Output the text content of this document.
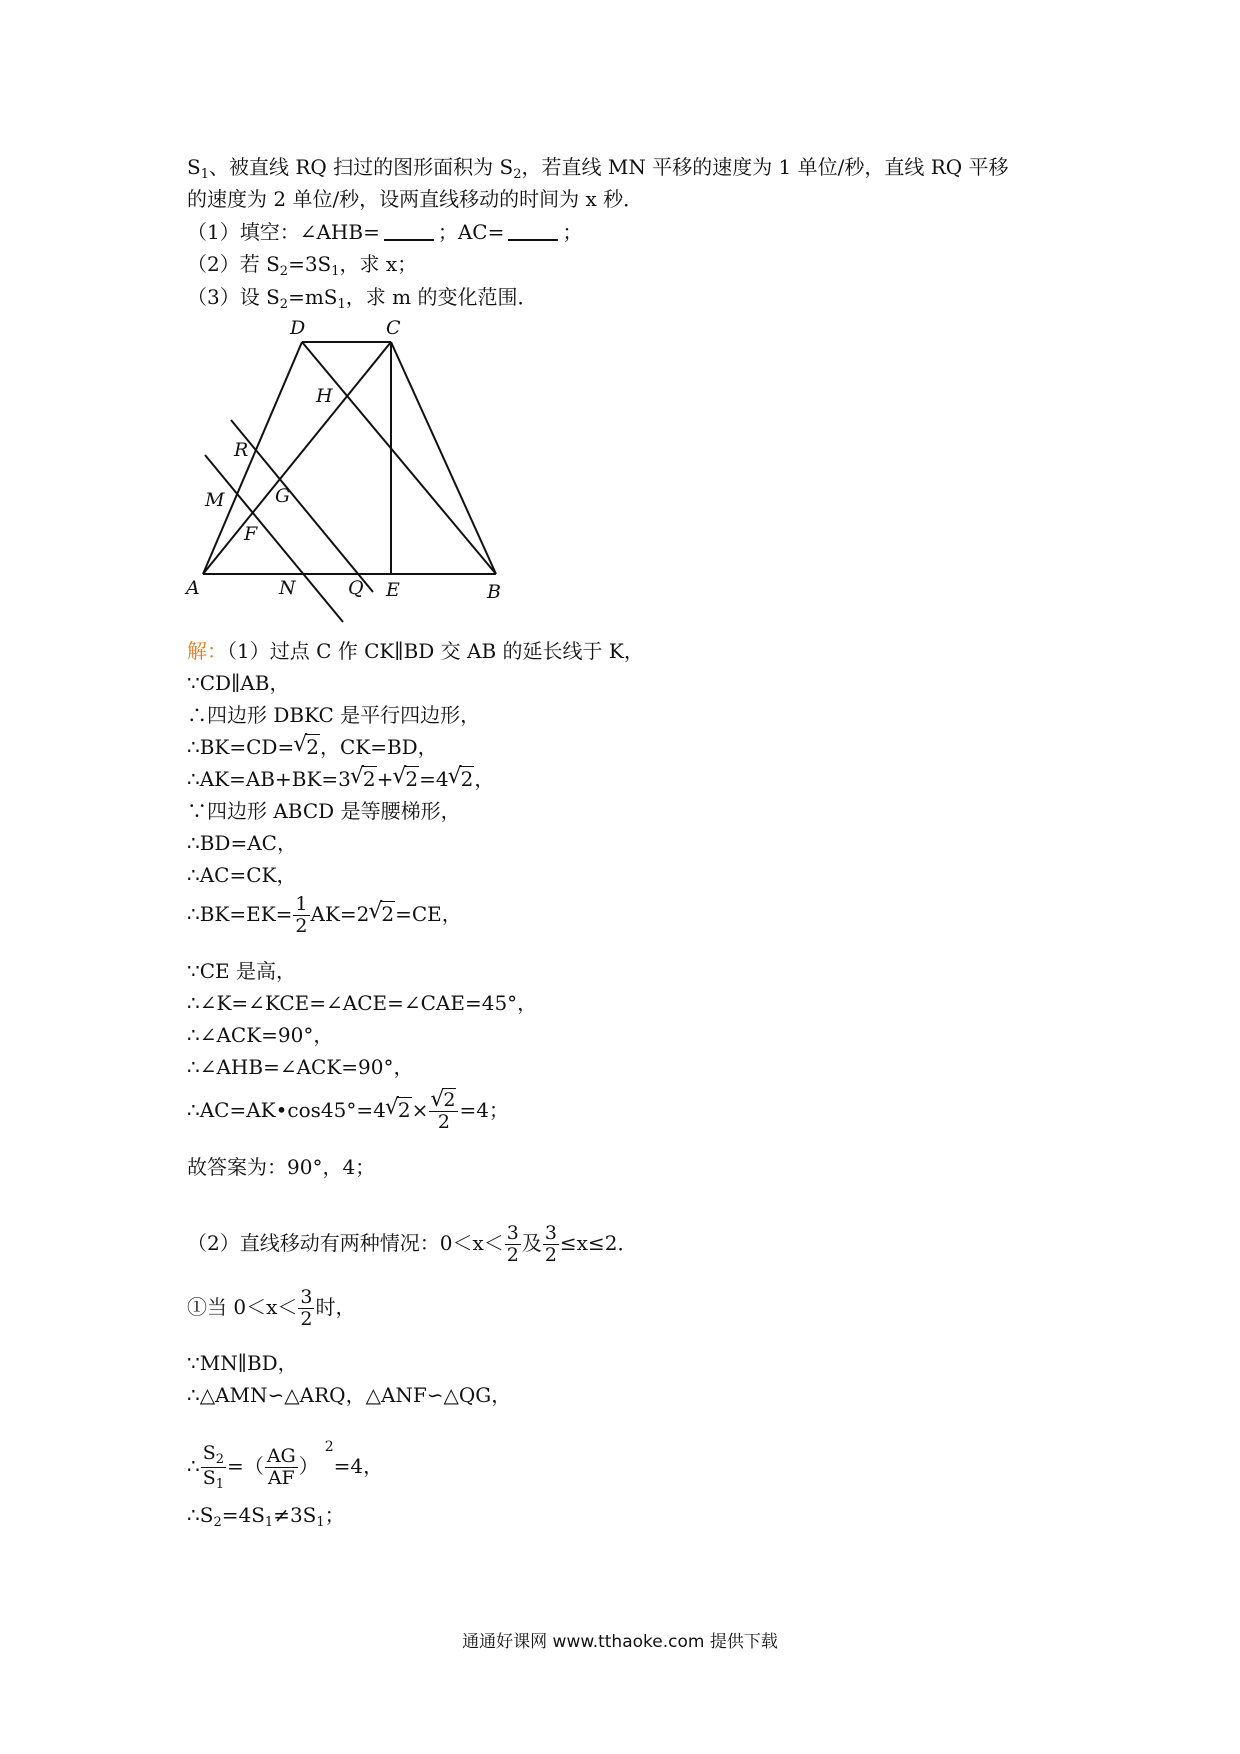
$S_1$、被直线 RQ 扫过的图形面积为 $S_2$，若直线 MN 平移的速度为 1 单位/秒，直线 RQ 平移
的速度为 2 单位/秒，设两直线移动的时间为 x 秒．
（1）填空：∠AHB=	；AC=	；
（2）若 $S_2=3S_1$，求 x；
（3）设 $S_2=mS_1$，求 m 的变化范围．
D	C
H
R
M	G
F
A	N	Q E	B
解：（1）过点 C 作 CK∥BD 交 AB 的延长线于 K，
∵CD∥AB，
∴四边形 DBKC 是平行四边形，
∴BK=CD=√ 2，CK=BD，
∴AK=AB+BK=3√ 2+√ 2=4√ 2，
∵四边形 ABCD 是等腰梯形，
∴BD=AC，
∴AC=CK，
∴BK=EK= $\frac{1}{2} AK=2√$ 2=CE，
∵CE 是高，
∴∠K=∠KCE=∠ACE=∠CAE=45°，
∴∠ACK=90°，
∴∠AHB=∠ACK=90°，
∴AC=AK•cos45°=4√ 2×
√ $\frac{2}{2} =4$；
故答案为：90°，4；
（2）直线移动有两种情况：$0<x< \frac{3}{2}$ 及 $\frac{3}{2} \le x\le 2$．
①当 $0<x< \frac{3}{2}$ 时，
∵MN∥BD，
∴△AMN∽△ARQ，△ANF∽△QG，
∴ $\frac{S_2}{S_1}$ =（ $\frac{AG}{AF} )^2=4$，
$\therefore S_2=4S_1\ne 3S_1$；
通通好课网 www.tthaoke.com 提供下载
